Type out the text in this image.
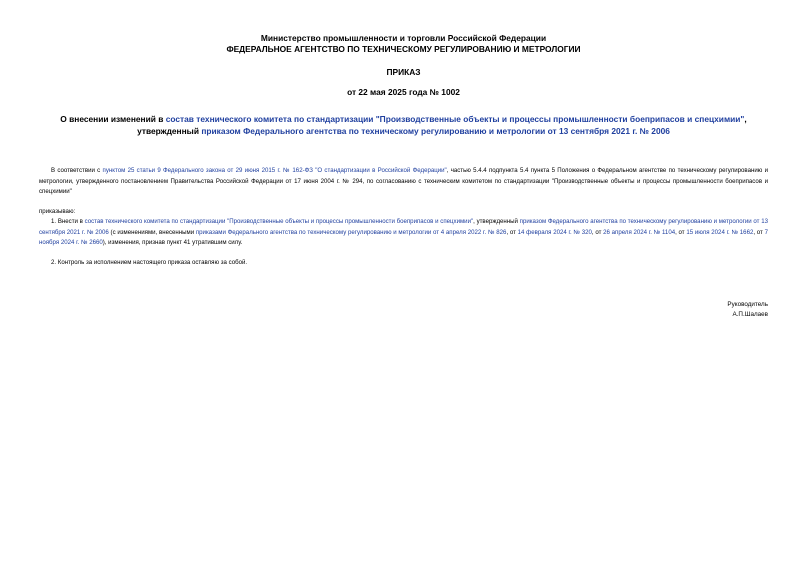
Министерство промышленности и торговли Российской Федерации
ФЕДЕРАЛЬНОЕ АГЕНТСТВО ПО ТЕХНИЧЕСКОМУ РЕГУЛИРОВАНИЮ И МЕТРОЛОГИИ
ПРИКАЗ
от 22 мая 2025 года № 1002
О внесении изменений в состав технического комитета по стандартизации "Производственные объекты и процессы промышленности боеприпасов и спецхимии", утвержденный приказом Федерального агентства по техническому регулированию и метрологии от 13 сентября 2021 г. № 2006
В соответствии с пунктом 25 статьи 9 Федерального закона от 29 июня 2015 г. № 162-ФЗ "О стандартизации в Российской Федерации", частью 5.4.4 подпункта 5.4 пункта 5 Положения о Федеральном агентстве по техническому регулированию и метрологии, утвержденного постановлением Правительства Российской Федерации от 17 июня 2004 г. № 294, по согласованию с техническим комитетом по стандартизации "Производственные объекты и процессы промышленности боеприпасов и спецхимии"
приказываю:
1. Внести в состав технического комитета по стандартизации "Производственные объекты и процессы промышленности боеприпасов и спецхимии", утвержденный приказом Федерального агентства по техническому регулированию и метрологии от 13 сентября 2021 г. № 2006 (с изменениями, внесенными приказами Федерального агентства по техническому регулированию и метрологии от 4 апреля 2022 г. № 826, от 14 февраля 2024 г. № 320, от 26 апреля 2024 г. № 1104, от 15 июля 2024 г. № 1662, от 7 ноября 2024 г. № 2660), изменения, признав пункт 41 утратившим силу.
2. Контроль за исполнением настоящего приказа оставляю за собой.
Руководитель
А.П.Шалаев
